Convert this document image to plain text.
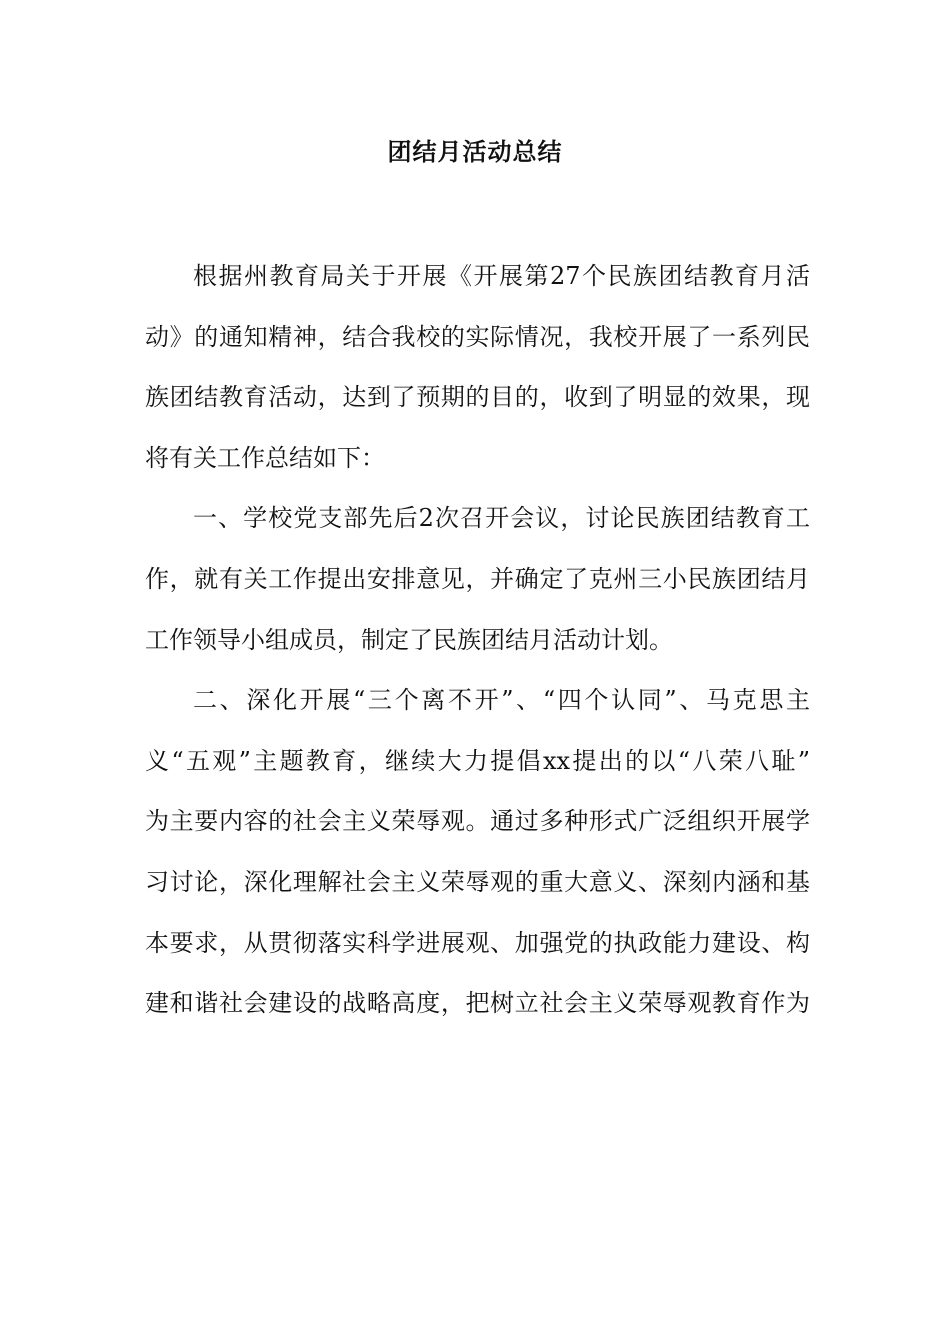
团结月活动总结
根据州教育局关于开展《开展第27个民族团结教育月活
动》的通知精神，结合我校的实际情况，我校开展了一系列民
族团结教育活动，达到了预期的目的，收到了明显的效果，现
将有关工作总结如下：
一、学校党支部先后2次召开会议，讨论民族团结教育工
作，就有关工作提出安排意见，并确定了克州三小民族团结月
工作领导小组成员，制定了民族团结月活动计划。
二、深化开展“三个离不开”、“四个认同”、马克思主
义“五观”主题教育，继续大力提倡xx提出的以“八荣八耻”
为主要内容的社会主义荣辱观。通过多种形式广泛组织开展学
习讨论，深化理解社会主义荣辱观的重大意义、深刻内涵和基
本要求，从贯彻落实科学进展观、加强党的执政能力建设、构
建和谐社会建设的战略高度，把树立社会主义荣辱观教育作为
